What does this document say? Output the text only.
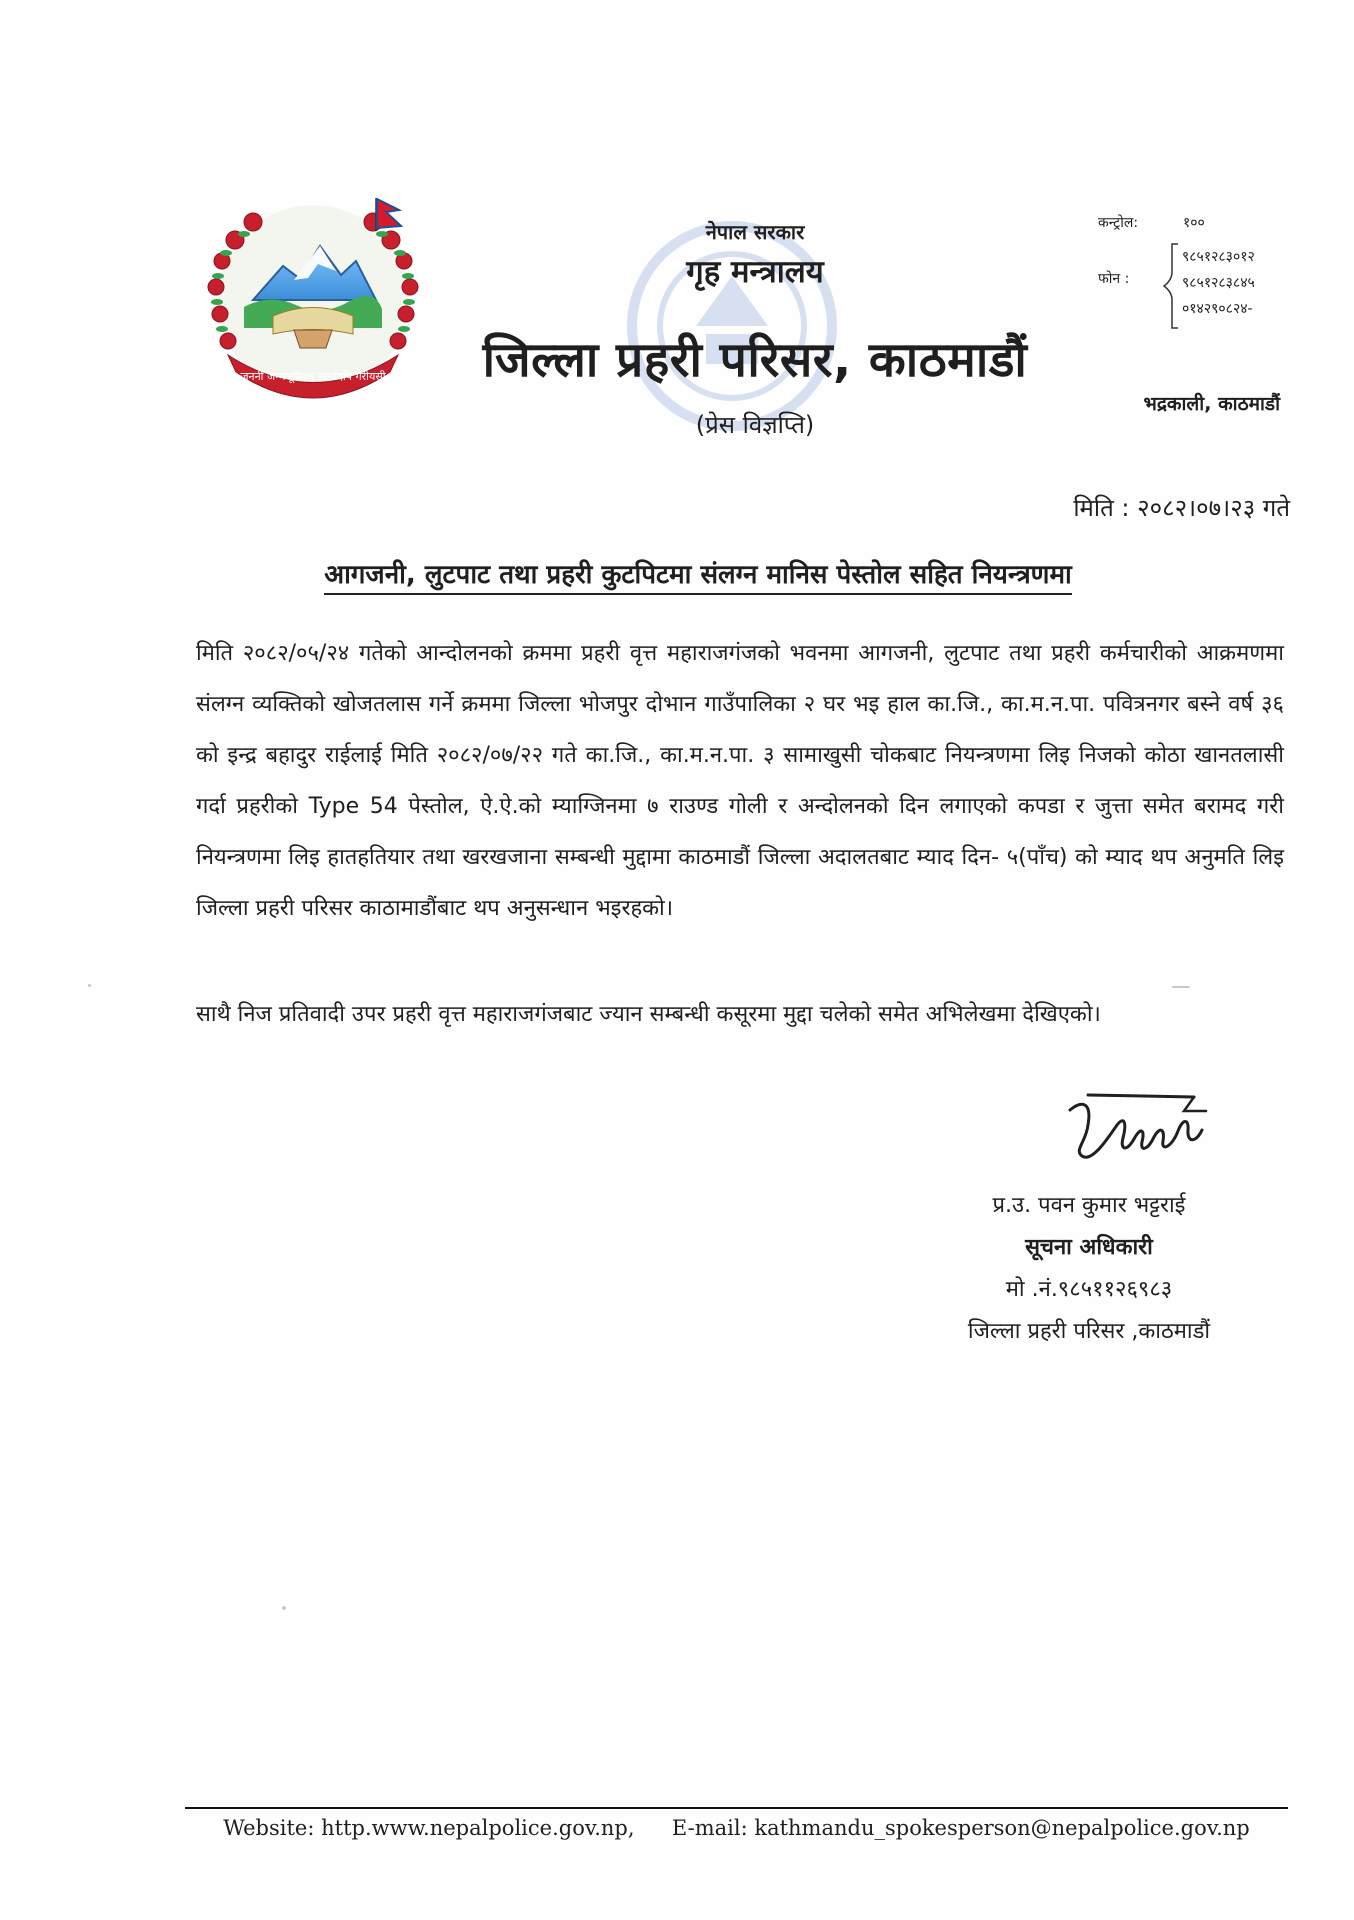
जननी जन्मभूमिश्च स्वर्गादपि गरीयसी
नेपाल सरकार
गृह मन्त्रालय
जिल्ला प्रहरी परिसर, काठमाडौं
(प्रेस विज्ञप्ति)
कन्ट्रोल:	१००
फोन :
९८५१२८३०१२
९८५१२८३८४५
०१४२९०८२४-
भद्रकाली, काठमाडौं
मिति : २०८२।०७।२३ गते
आगजनी, लुटपाट तथा प्रहरी कुटपिटमा संलग्न मानिस पेस्तोल सहित नियन्त्रणमा
मिति २०८२/०५/२४ गतेको आन्दोलनको क्रममा प्रहरी वृत्त महाराजगंजको भवनमा आगजनी, लुटपाट तथा प्रहरी कर्मचारीको आक्रमणमा संलग्न व्यक्तिको खोजतलास गर्ने क्रममा जिल्ला भोजपुर दोभान गाउँपालिका २ घर भइ हाल का.जि., का.म.न.पा. पवित्रनगर बस्ने वर्ष ३६ को इन्द्र बहादुर राईलाई मिति २०८२/०७/२२ गते का.जि., का.म.न.पा. ३ सामाखुसी चोकबाट नियन्त्रणमा लिइ निजको कोठा खानतलासी गर्दा प्रहरीको Type 54 पेस्तोल, ऐ.ऐ.को म्याग्जिनमा ७ राउण्ड गोली र अन्दोलनको दिन लगाएको कपडा र जुत्ता समेत बरामद गरी नियन्त्रणमा लिइ हातहतियार तथा खरखजाना सम्बन्धी मुद्दामा काठमाडौं जिल्ला अदालतबाट म्याद दिन- ५(पाँच) को म्याद थप अनुमति लिइ जिल्ला प्रहरी परिसर काठामाडौंबाट थप अनुसन्धान भइरहको।
साथै निज प्रतिवादी उपर प्रहरी वृत्त महाराजगंजबाट ज्यान सम्बन्धी कसूरमा मुद्दा चलेको समेत अभिलेखमा देखिएको।
प्र.उ. पवन कुमार भट्टराई
सूचना अधिकारी
मो .नं.९८५११२६९८३
जिल्ला प्रहरी परिसर ,काठमाडौं
Website: http.www.nepalpolice.gov.np, E-mail: kathmandu_spokesperson@nepalpolice.gov.np
